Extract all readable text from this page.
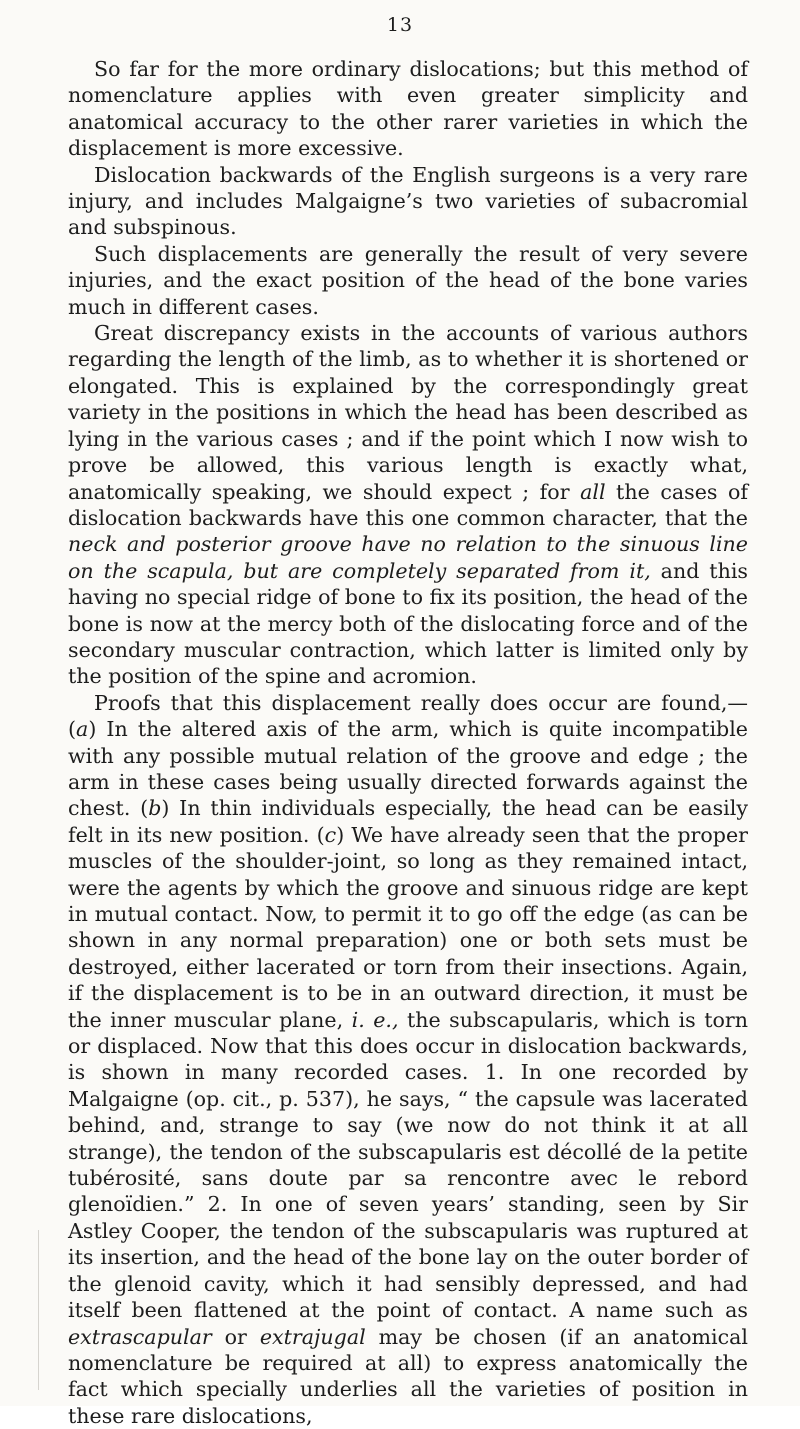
13

So far for the more ordinary dislocations; but this method of nomenclature applies with even greater simplicity and anatomical accuracy to the other rarer varieties in which the displacement is more excessive.

Dislocation backwards of the English surgeons is a very rare injury, and includes Malgaigne’s two varieties of subacromial and subspinous.

Such displacements are generally the result of very severe injuries, and the exact position of the head of the bone varies much in different cases.

Great discrepancy exists in the accounts of various authors regarding the length of the limb, as to whether it is shortened or elongated. This is explained by the correspondingly great variety in the positions in which the head has been described as lying in the various cases ; and if the point which I now wish to prove be allowed, this various length is exactly what, anatomically speaking, we should expect ; for all the cases of dislocation backwards have this one common character, that the neck and posterior groove have no relation to the sinuous line on the scapula, but are completely separated from it, and this having no special ridge of bone to fix its position, the head of the bone is now at the mercy both of the dislocating force and of the secondary muscular contraction, which latter is limited only by the position of the spine and acromion.

Proofs that this displacement really does occur are found,—(a) In the altered axis of the arm, which is quite incompatible with any possible mutual relation of the groove and edge ; the arm in these cases being usually directed forwards against the chest. (b) In thin individuals especially, the head can be easily felt in its new position. (c) We have already seen that the proper muscles of the shoulder-joint, so long as they remained intact, were the agents by which the groove and sinuous ridge are kept in mutual contact. Now, to permit it to go off the edge (as can be shown in any normal preparation) one or both sets must be destroyed, either lacerated or torn from their insections. Again, if the displacement is to be in an outward direction, it must be the inner muscular plane, i. e., the subscapularis, which is torn or displaced. Now that this does occur in dislocation backwards, is shown in many recorded cases. 1. In one recorded by Malgaigne (op. cit., p. 537), he says, “ the capsule was lacerated behind, and, strange to say (we now do not think it at all strange), the tendon of the subscapularis est décollé de la petite tubérosité, sans doute par sa rencontre avec le rebord glenoïdien.” 2. In one of seven years’ standing, seen by Sir Astley Cooper, the tendon of the subscapularis was ruptured at its insertion, and the head of the bone lay on the outer border of the glenoid cavity, which it had sensibly depressed, and had itself been flattened at the point of contact. A name such as extrascapular or extrajugal may be chosen (if an anatomical nomenclature be required at all) to express anatomically the fact which specially underlies all the varieties of position in these rare dislocations,
